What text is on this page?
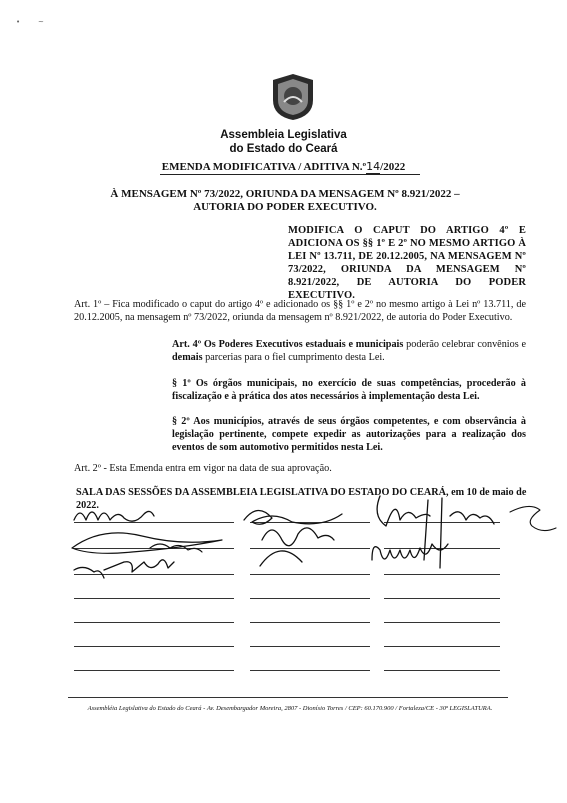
•	~
Assembleia Legislativa
do Estado do Ceará
EMENDA MODIFICATIVA / ADITIVA N.º14/2022
À MENSAGEM Nº 73/2022, ORIUNDA DA MENSAGEM Nº 8.921/2022 – AUTORIA DO PODER EXECUTIVO.
MODIFICA O CAPUT DO ARTIGO 4º E ADICIONA OS §§ 1º E 2º NO MESMO ARTIGO À LEI Nº 13.711, DE 20.12.2005, NA MENSAGEM Nº 73/2022, ORIUNDA DA MENSAGEM Nº 8.921/2022, DE AUTORIA DO PODER EXECUTIVO.
Art. 1º – Fica modificado o caput do artigo 4º e adicionado os §§ 1º e 2º no mesmo artigo à Lei nº 13.711, de 20.12.2005, na mensagem nº 73/2022, oriunda da mensagem nº 8.921/2022, de autoria do Poder Executivo.
Art. 4º Os Poderes Executivos estaduais e municipais poderão celebrar convênios e demais parcerias para o fiel cumprimento desta Lei.
§ 1º Os órgãos municipais, no exercício de suas competências, procederão à fiscalização e à prática dos atos necessários à implementação desta Lei.
§ 2º Aos municípios, através de seus órgãos competentes, e com observância à legislação pertinente, compete expedir as autorizações para a realização dos eventos de som automotivo permitidos nesta Lei.
Art. 2º - Esta Emenda entra em vigor na data de sua aprovação.
SALA DAS SESSÕES DA ASSEMBLEIA LEGISLATIVA DO ESTADO DO CEARÁ, em 10 de maio de 2022.
Assembléia Legislativa do Estado do Ceará - Av. Desembargador Moreira, 2807 - Dionísio Torres / CEP: 60.170.900 / Fortaleza/CE - 30ª LEGISLATURA.
